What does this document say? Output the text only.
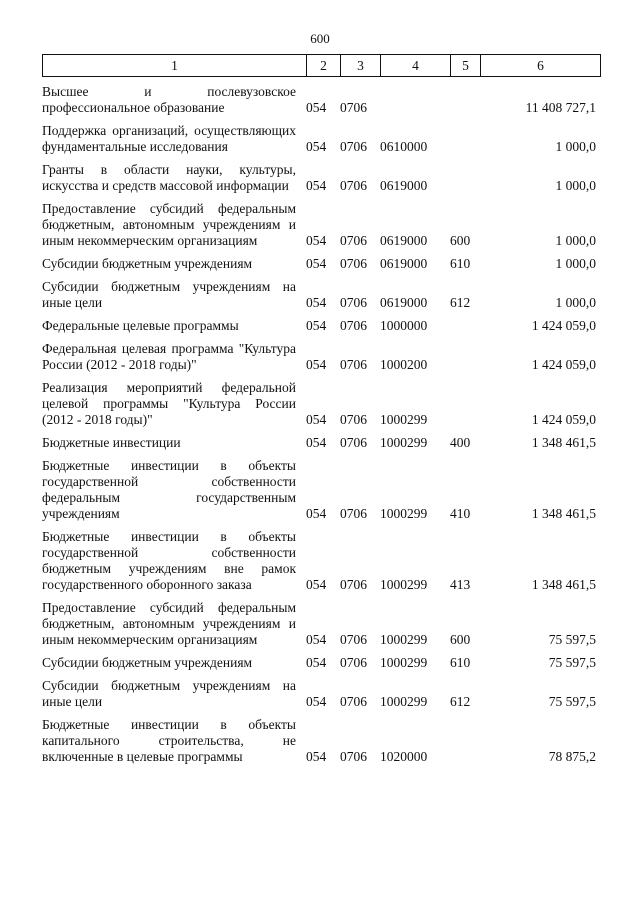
600
1	2	3	4	5	6
Высшее и послевузовское профессиональное образование	054	0706			11 408 727,1
Поддержка организаций, осуществляющих фундаментальные исследования	054	0706	0610000		1 000,0
Гранты в области науки, культуры, искусства и средств массовой информации	054	0706	0619000		1 000,0
Предоставление субсидий федеральным бюджетным, автономным учреждениям и иным некоммерческим организациям	054	0706	0619000	600	1 000,0
Субсидии бюджетным учреждениям	054	0706	0619000	610	1 000,0
Субсидии бюджетным учреждениям на иные цели	054	0706	0619000	612	1 000,0
Федеральные целевые программы	054	0706	1000000		1 424 059,0
Федеральная целевая программа "Культура России (2012 - 2018 годы)"	054	0706	1000200		1 424 059,0
Реализация мероприятий федеральной целевой программы "Культура России (2012 - 2018 годы)"	054	0706	1000299		1 424 059,0
Бюджетные инвестиции	054	0706	1000299	400	1 348 461,5
Бюджетные инвестиции в объекты государственной собственности федеральным государственным учреждениям	054	0706	1000299	410	1 348 461,5
Бюджетные инвестиции в объекты государственной собственности бюджетным учреждениям вне рамок государственного оборонного заказа	054	0706	1000299	413	1 348 461,5
Предоставление субсидий федеральным бюджетным, автономным учреждениям и иным некоммерческим организациям	054	0706	1000299	600	75 597,5
Субсидии бюджетным учреждениям	054	0706	1000299	610	75 597,5
Субсидии бюджетным учреждениям на иные цели	054	0706	1000299	612	75 597,5
Бюджетные инвестиции в объекты капитального строительства, не включенные в целевые программы	054	0706	1020000		78 875,2
